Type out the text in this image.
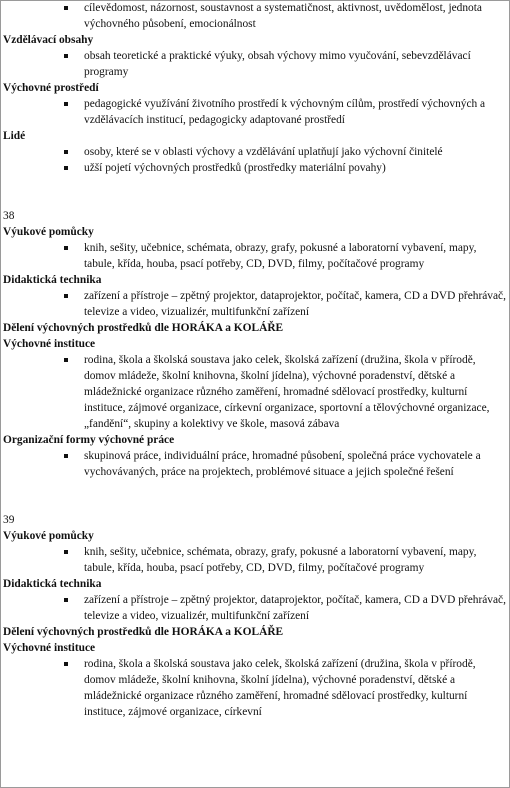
cílevědomost, názornost, soustavnost a systematičnost, aktivnost, uvědomělost, jednota výchovného působení, emocionálnost
Vzdělávací obsahy
obsah teoretické a praktické výuky, obsah výchovy mimo vyučování, sebevzdělávací programy
Výchovné prostředí
pedagogické využívání životního prostředí k výchovným cílům, prostředí výchovných a vzdělávacích institucí, pedagogicky adaptované prostředí
Lidé
osoby, které se v oblasti výchovy a vzdělávání uplatňují jako výchovní činitelé
užší pojetí výchovných prostředků (prostředky materiální povahy)
38
Výukové pomůcky
knih, sešity, učebnice, schémata, obrazy, grafy, pokusné a laboratorní vybavení, mapy, tabule, křída, houba, psací potřeby, CD, DVD, filmy, počítačové programy
Didaktická technika
zařízení a přístroje – zpětný projektor, dataprojektor, počítač, kamera, CD a DVD přehrávač, televize a video, vizualizér, multifunkční zařízení
Dělení výchovných prostředků dle HORÁKA a KOLÁŘE
Výchovné instituce
rodina, škola a školská soustava jako celek, školská zařízení (družina, škola v přírodě, domov mládeže, školní knihovna, školní jídelna), výchovné poradenství, dětské a mládežnické organizace různého zaměření, hromadné sdělovací prostředky, kulturní instituce, zájmové organizace, církevní organizace, sportovní a tělovýchovné organizace, „fandění“, skupiny a kolektivy ve škole, masová zábava
Organizační formy výchovné práce
skupinová práce, individuální práce, hromadné působení, společná práce vychovatele a vychovávaných, práce na projektech, problémové situace a jejich společné řešení
39
Výukové pomůcky
knih, sešity, učebnice, schémata, obrazy, grafy, pokusné a laboratorní vybavení, mapy, tabule, křída, houba, psací potřeby, CD, DVD, filmy, počítačové programy
Didaktická technika
zařízení a přístroje – zpětný projektor, dataprojektor, počítač, kamera, CD a DVD přehrávač, televize a video, vizualizér, multifunkční zařízení
Dělení výchovných prostředků dle HORÁKA a KOLÁŘE
Výchovné instituce
rodina, škola a školská soustava jako celek, školská zařízení (družina, škola v přírodě, domov mládeže, školní knihovna, školní jídelna), výchovné poradenství, dětské a mládežnické organizace různého zaměření, hromadné sdělovací prostředky, kulturní instituce, zájmové organizace, církevní
